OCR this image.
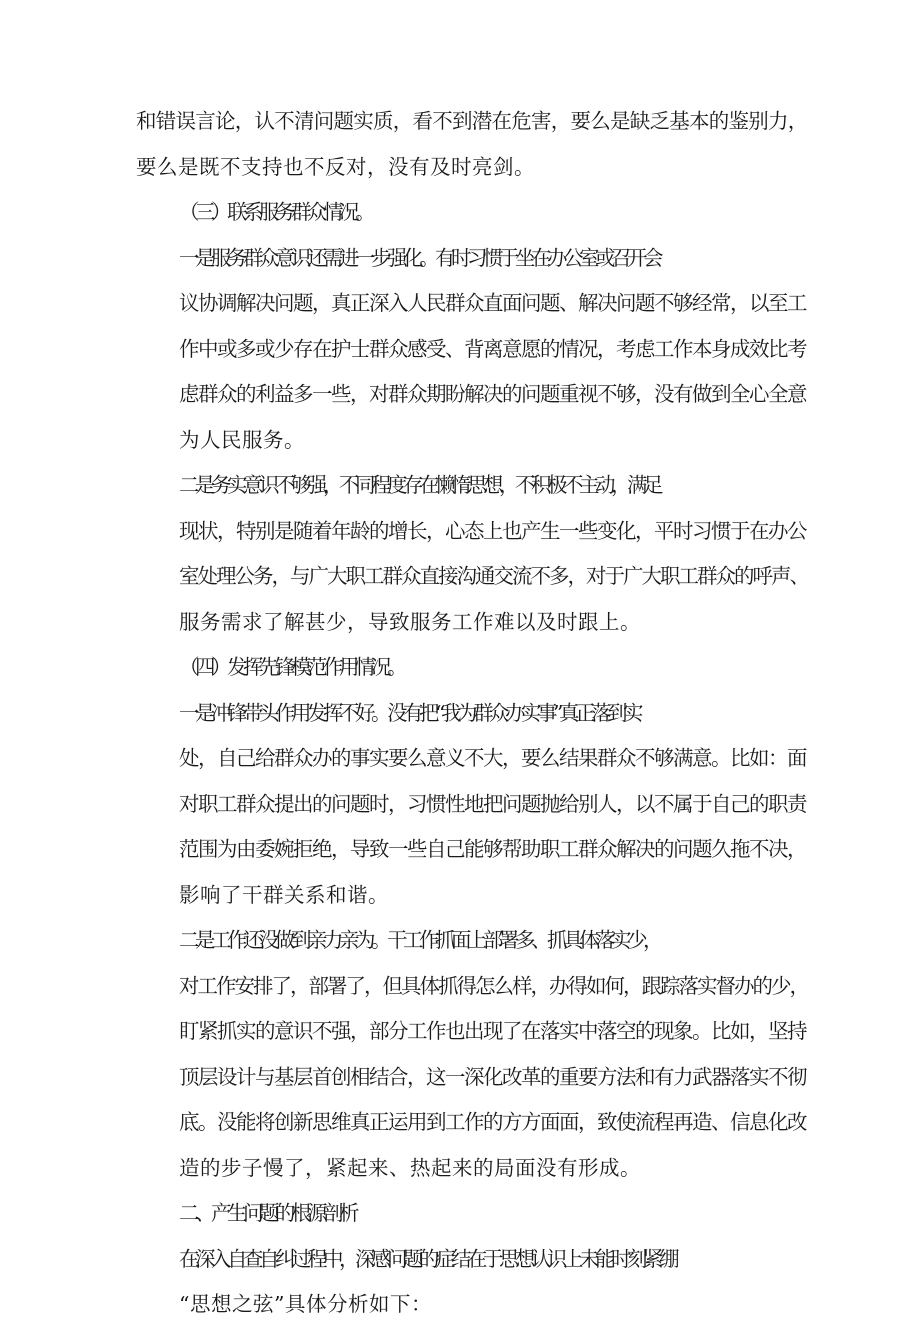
和错误言论，认不清问题实质，看不到潜在危害，要么是缺乏基本的鉴别力，
要么是既不支持也不反对，没有及时亮剑。

（三）联系服务群众情况。

一是服务群众意识还需进一步强化。有时习惯于坐在办公室或召开会
议协调解决问题，真正深入人民群众直面问题、解决问题不够经常，以至工
作中或多或少存在护士群众感受、背离意愿的情况，考虑工作本身成效比考
虑群众的利益多一些，对群众期盼解决的问题重视不够，没有做到全心全意
为人民服务。

二是务实意识不够强，不同程度存在懒惰思想，不积极不主动，满足
现状，特别是随着年龄的增长，心态上也产生一些变化，平时习惯于在办公
室处理公务，与广大职工群众直接沟通交流不多，对于广大职工群众的呼声、
服务需求了解甚少，导致服务工作难以及时跟上。

（四）发挥先锋模范作用情况。

一是冲锋带头作用发挥不好。没有把“我为群众办实事”真正落到实
处，自己给群众办的事实要么意义不大，要么结果群众不够满意。比如：面
对职工群众提出的问题时，习惯性地把问题抛给别人，以不属于自己的职责
范围为由委婉拒绝，导致一些自己能够帮助职工群众解决的问题久拖不决，
影响了干群关系和谐。

二是工作还没做到亲力亲为。干工作抓面上部署多、抓具体落实少，
对工作安排了，部署了，但具体抓得怎么样，办得如何，跟踪落实督办的少，
盯紧抓实的意识不强，部分工作也出现了在落实中落空的现象。比如，坚持
顶层设计与基层首创相结合，这一深化改革的重要方法和有力武器落实不彻
底。没能将创新思维真正运用到工作的方方面面，致使流程再造、信息化改
造的步子慢了，紧起来、热起来的局面没有形成。

二、产生问题的根源剖析

在深入自查自纠过程中，深感问题的症结在于思想认识上未能时刻紧绷
“思想之弦”具体分析如下：
